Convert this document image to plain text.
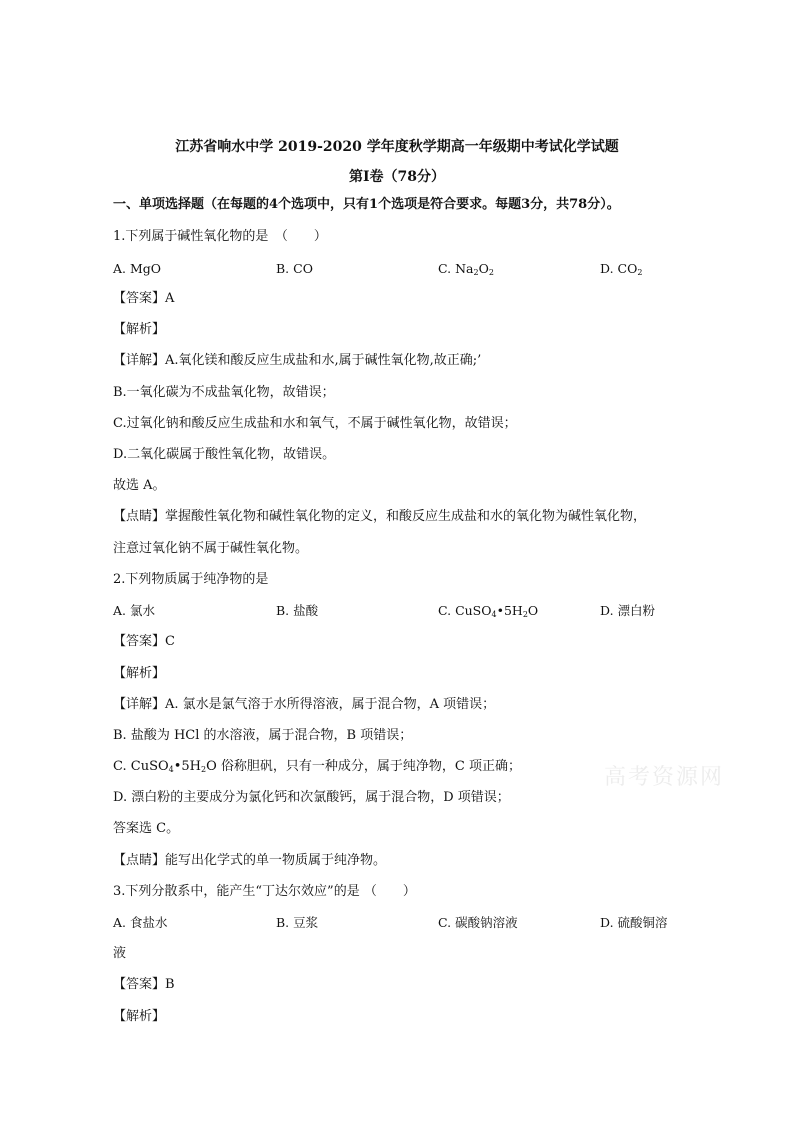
江苏省响水中学 2019-2020 学年度秋学期高一年级期中考试化学试题
第Ⅰ卷（78分）
一、单项选择题（在每题的4个选项中，只有1个选项是符合要求。每题3分，共78分）。
1.下列属于碱性氧化物的是　（　　）
A. MgO	B. CO	C. $Na_2O_2$	D. $CO_2$
【答案】A
【解析】
【详解】A.氧化镁和酸反应生成盐和水,属于碱性氧化物,故正确;’
B.一氧化碳为不成盐氧化物，故错误；
C.过氧化钠和酸反应生成盐和水和氧气，不属于碱性氧化物，故错误；
D.二氧化碳属于酸性氧化物，故错误。
故选 A。
【点睛】掌握酸性氧化物和碱性氧化物的定义，和酸反应生成盐和水的氧化物为碱性氧化物，
注意过氧化钠不属于碱性氧化物。
2.下列物质属于纯净物的是
A. 氯水	B. 盐酸	C. $CuSO_4•5H_2O$	D. 漂白粉
【答案】C
【解析】
【详解】A. 氯水是氯气溶于水所得溶液，属于混合物，A 项错误；
B. 盐酸为 HCl 的水溶液，属于混合物，B 项错误；
C. $CuSO_4•5H_2O$ 俗称胆矾，只有一种成分，属于纯净物，C 项正确；
D. 漂白粉的主要成分为氯化钙和次氯酸钙，属于混合物，D 项错误；
答案选 C。
【点睛】能写出化学式的单一物质属于纯净物。
3.下列分散系中，能产生“丁达尔效应”的是 （　　）
A. 食盐水	B. 豆浆	C. 碳酸钠溶液	D. 硫酸铜溶
液
【答案】B
【解析】
高考资源网
